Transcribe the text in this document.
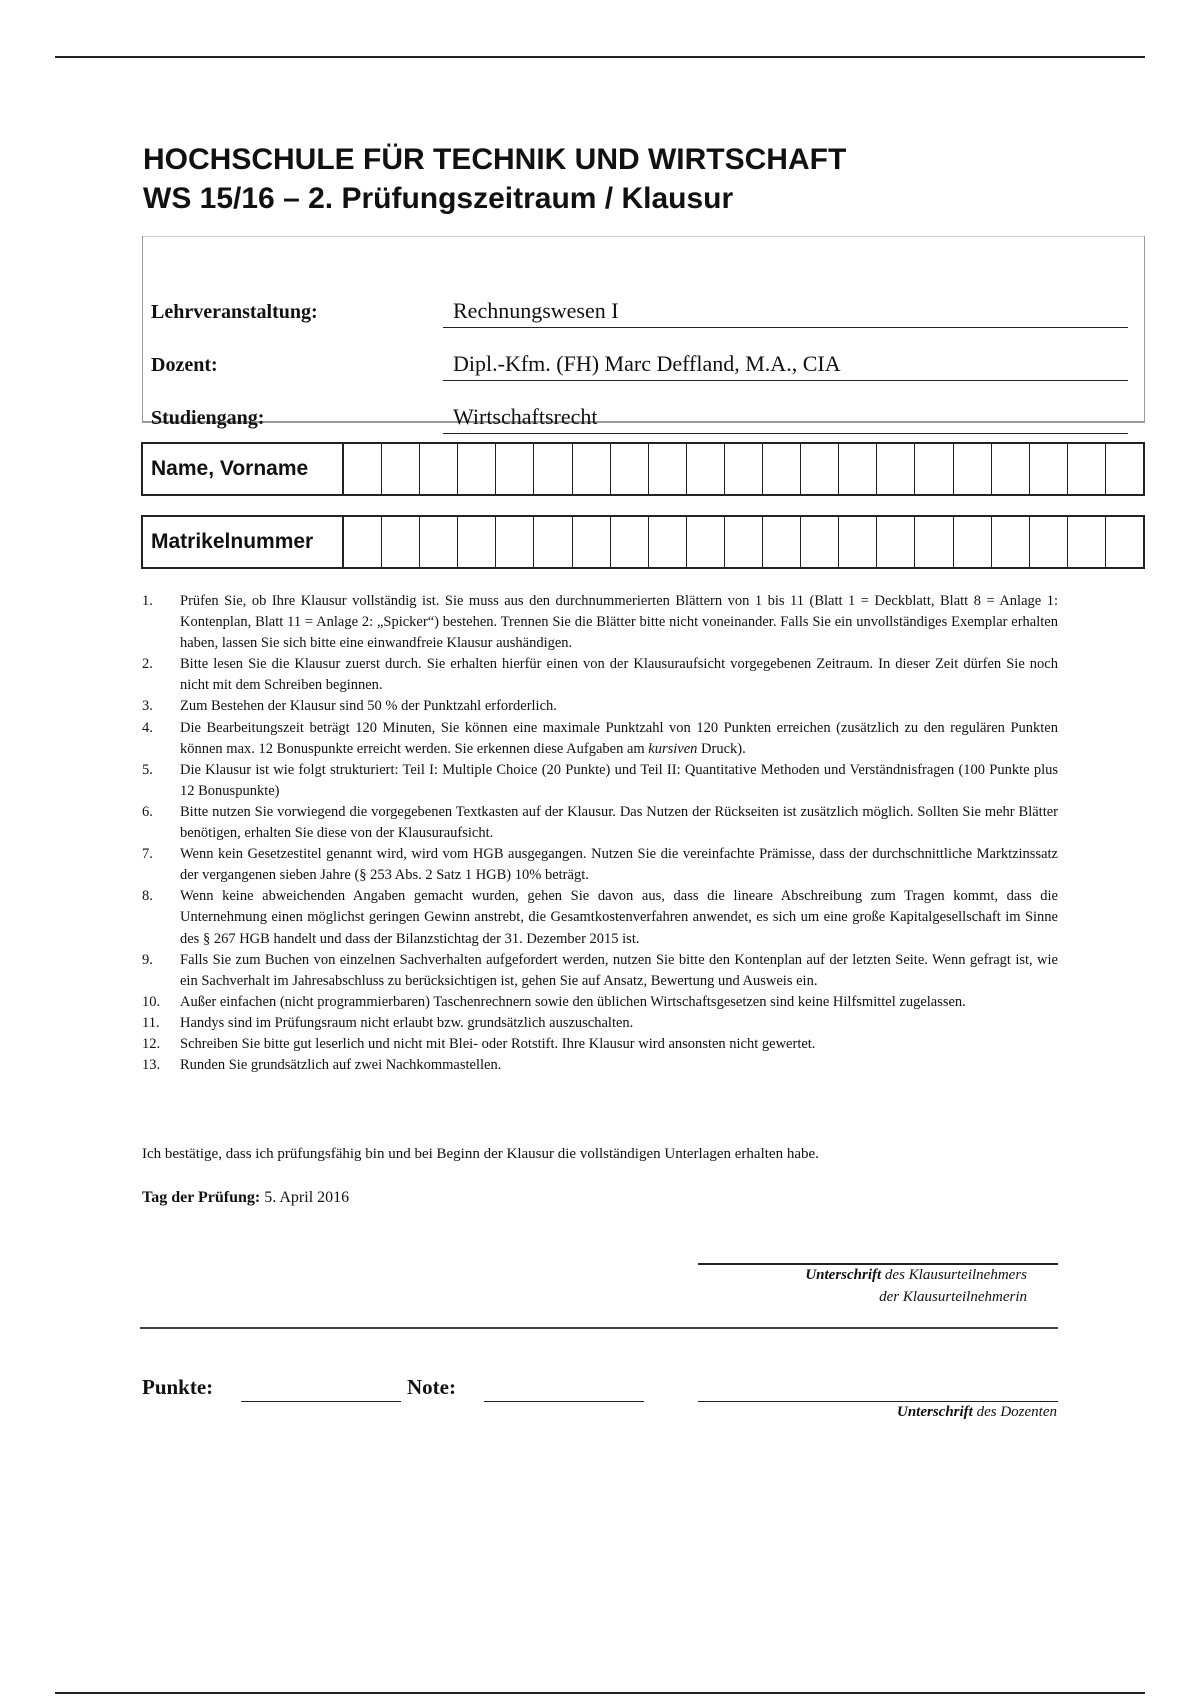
HOCHSCHULE FÜR TECHNIK UND WIRTSCHAFT
WS 15/16 – 2. Prüfungszeitraum / Klausur
Lehrveranstaltung:	Rechnungswesen I
Dozent:	Dipl.-Kfm. (FH) Marc Deffland, M.A., CIA
Studiengang:	Wirtschaftsrecht
Name, Vorname
Matrikelnummer
1. Prüfen Sie, ob Ihre Klausur vollständig ist. Sie muss aus den durchnummerierten Blättern von 1 bis 11 (Blatt 1 = Deckblatt, Blatt 8 = Anlage 1: Kontenplan, Blatt 11 = Anlage 2: „Spicker“) bestehen. Trennen Sie die Blätter bitte nicht voneinander. Falls Sie ein unvollständiges Exemplar erhalten haben, lassen Sie sich bitte eine einwandfreie Klausur aushändigen.
2. Bitte lesen Sie die Klausur zuerst durch. Sie erhalten hierfür einen von der Klausuraufsicht vorgegebenen Zeitraum. In dieser Zeit dürfen Sie noch nicht mit dem Schreiben beginnen.
3. Zum Bestehen der Klausur sind 50 % der Punktzahl erforderlich.
4. Die Bearbeitungszeit beträgt 120 Minuten, Sie können eine maximale Punktzahl von 120 Punkten erreichen (zusätzlich zu den regulären Punkten können max. 12 Bonuspunkte erreicht werden. Sie erkennen diese Aufgaben am kursiven Druck).
5. Die Klausur ist wie folgt strukturiert: Teil I: Multiple Choice (20 Punkte) und Teil II: Quantitative Methoden und Verständnisfragen (100 Punkte plus 12 Bonuspunkte)
6. Bitte nutzen Sie vorwiegend die vorgegebenen Textkasten auf der Klausur. Das Nutzen der Rückseiten ist zusätzlich möglich. Sollten Sie mehr Blätter benötigen, erhalten Sie diese von der Klausuraufsicht.
7. Wenn kein Gesetzestitel genannt wird, wird vom HGB ausgegangen. Nutzen Sie die vereinfachte Prämisse, dass der durchschnittliche Marktzinssatz der vergangenen sieben Jahre (§ 253 Abs. 2 Satz 1 HGB) 10% beträgt.
8. Wenn keine abweichenden Angaben gemacht wurden, gehen Sie davon aus, dass die lineare Abschreibung zum Tragen kommt, dass die Unternehmung einen möglichst geringen Gewinn anstrebt, die Gesamtkostenverfahren anwendet, es sich um eine große Kapitalgesellschaft im Sinne des § 267 HGB handelt und dass der Bilanzstichtag der 31. Dezember 2015 ist.
9. Falls Sie zum Buchen von einzelnen Sachverhalten aufgefordert werden, nutzen Sie bitte den Kontenplan auf der letzten Seite. Wenn gefragt ist, wie ein Sachverhalt im Jahresabschluss zu berücksichtigen ist, gehen Sie auf Ansatz, Bewertung und Ausweis ein.
10. Außer einfachen (nicht programmierbaren) Taschenrechnern sowie den üblichen Wirtschaftsgesetzen sind keine Hilfsmittel zugelassen.
11. Handys sind im Prüfungsraum nicht erlaubt bzw. grundsätzlich auszuschalten.
12. Schreiben Sie bitte gut leserlich und nicht mit Blei- oder Rotstift. Ihre Klausur wird ansonsten nicht gewertet.
13. Runden Sie grundsätzlich auf zwei Nachkommastellen.
Ich bestätige, dass ich prüfungsfähig bin und bei Beginn der Klausur die vollständigen Unterlagen erhalten habe.
Tag der Prüfung: 5. April 2016
Unterschrift des Klausurteilnehmers
der Klausurteilnehmerin
Punkte:	Note:
Unterschrift des Dozenten
